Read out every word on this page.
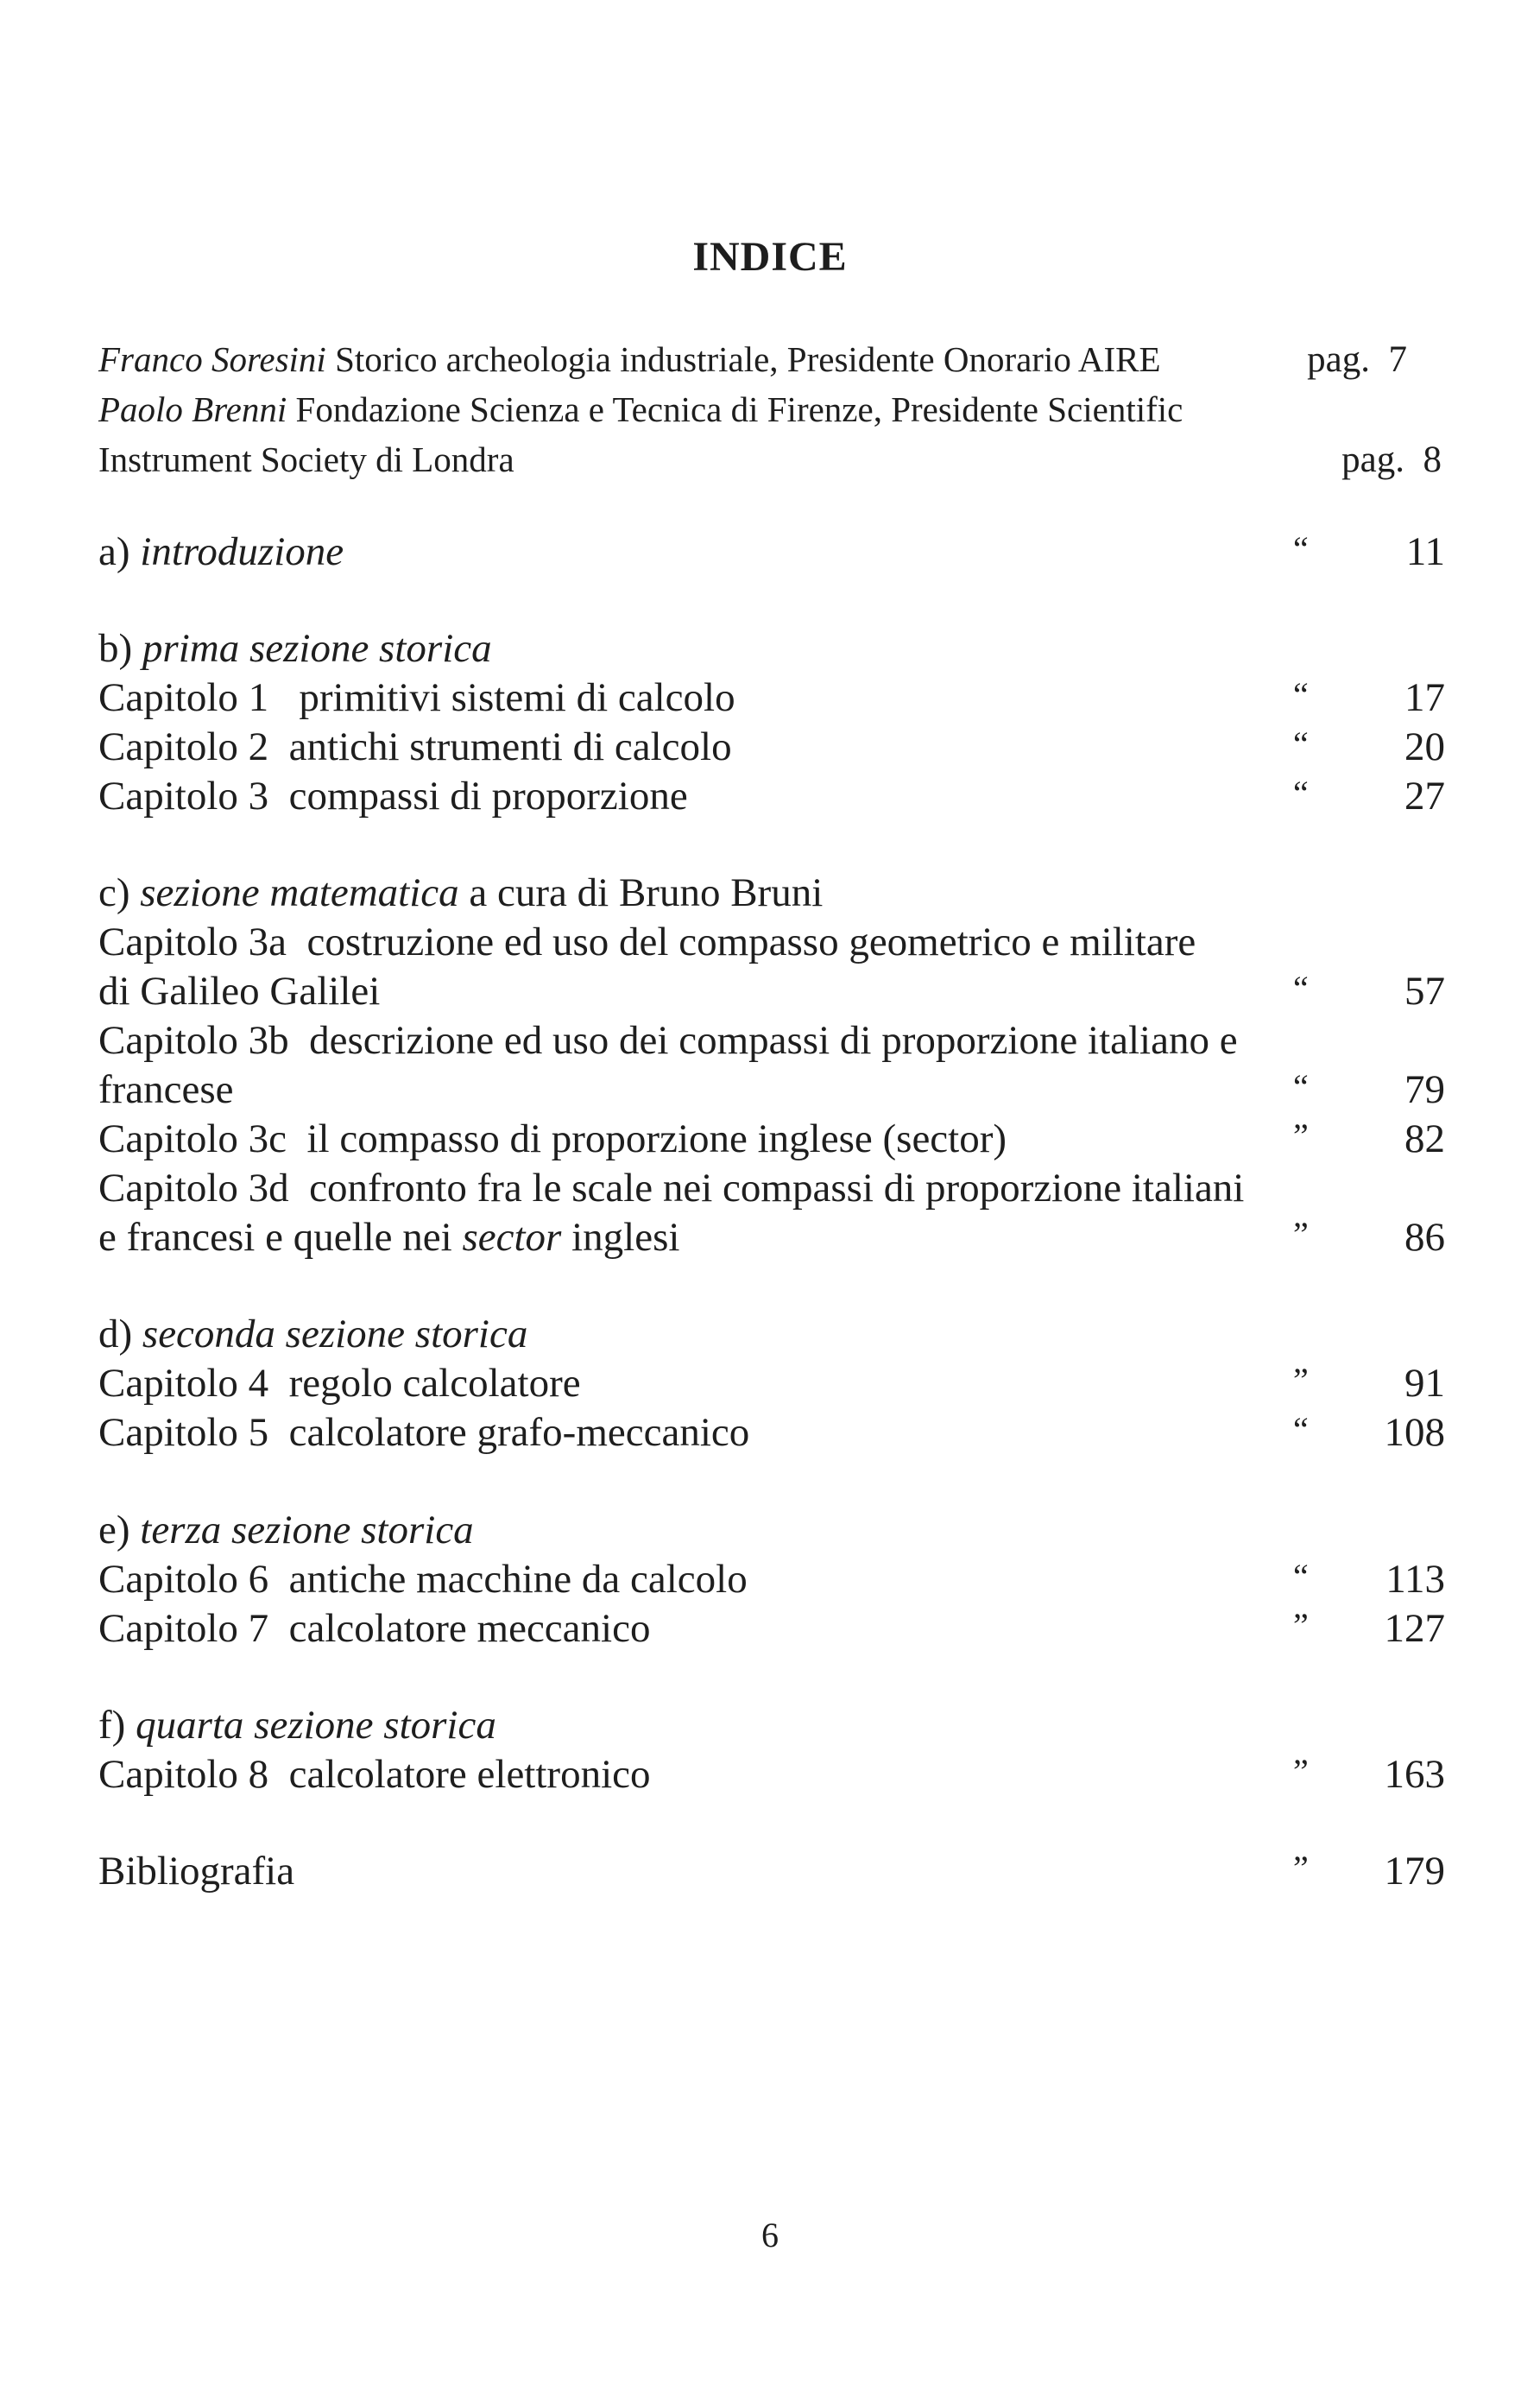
INDICE
Franco Soresini Storico archeologia industriale, Presidente Onorario AIRE	pag. 7
Paolo Brenni Fondazione Scienza e Tecnica di Firenze, Presidente Scientific
Instrument Society di Londra	pag. 8
a) introduzione	“ 11
b) prima sezione storica
Capitolo 1 primitivi sistemi di calcolo	“ 17
Capitolo 2 antichi strumenti di calcolo	“ 20
Capitolo 3 compassi di proporzione	“ 27
c) sezione matematica a cura di Bruno Bruni
Capitolo 3a costruzione ed uso del compasso geometrico e militare
di Galileo Galilei	“ 57
Capitolo 3b descrizione ed uso dei compassi di proporzione italiano e
francese	“ 79
Capitolo 3c il compasso di proporzione inglese (sector)	” 82
Capitolo 3d confronto fra le scale nei compassi di proporzione italiani
e francesi e quelle nei sector inglesi	” 86
d) seconda sezione storica
Capitolo 4 regolo calcolatore	” 91
Capitolo 5 calcolatore grafo-meccanico	“ 108
e) terza sezione storica
Capitolo 6 antiche macchine da calcolo	“ 113
Capitolo 7 calcolatore meccanico	” 127
f) quarta sezione storica
Capitolo 8 calcolatore elettronico	” 163
Bibliografia	” 179
6
